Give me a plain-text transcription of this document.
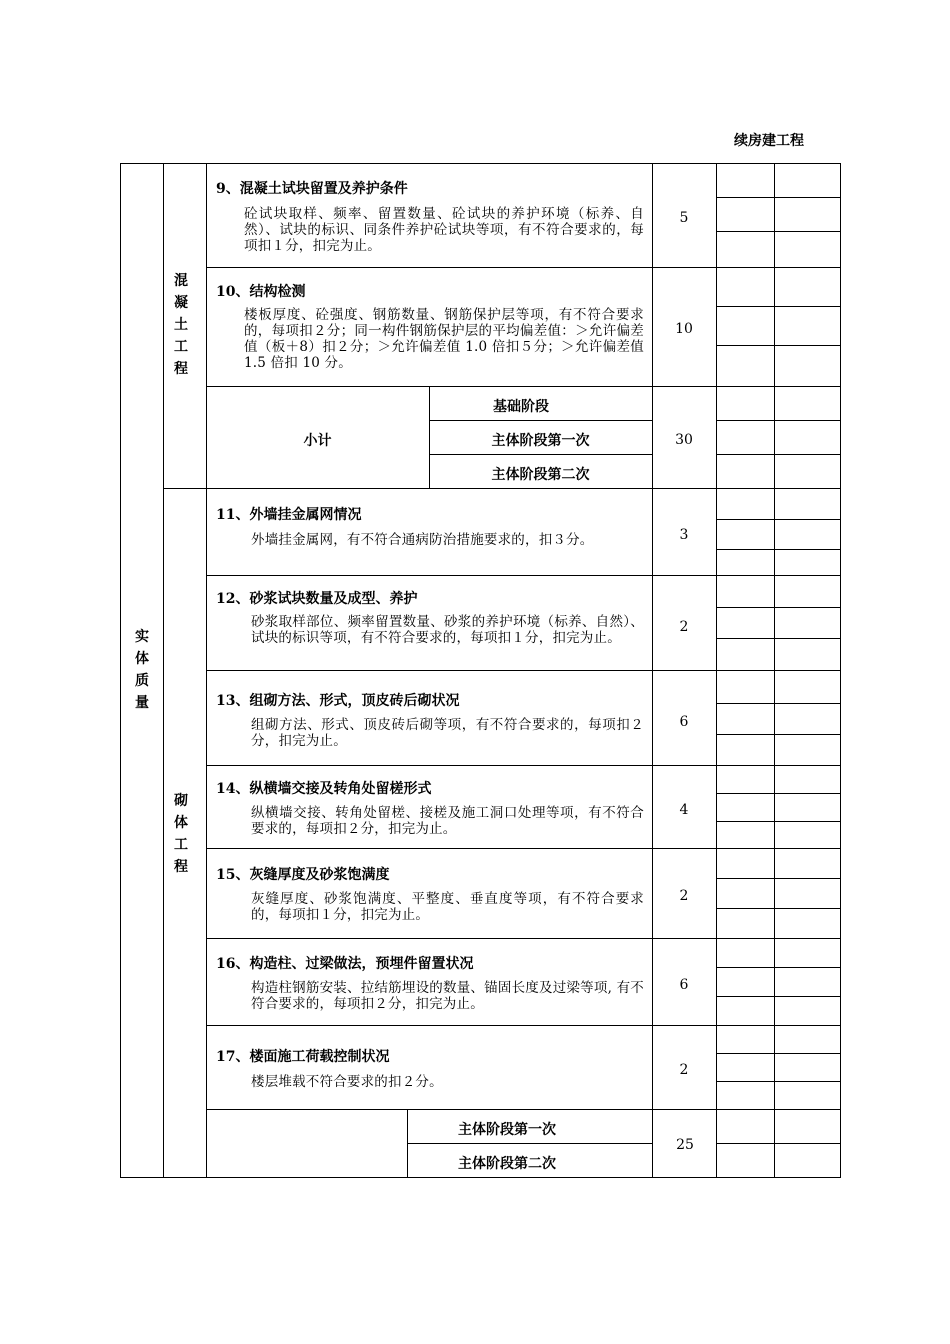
续房建工程
实体质量
混凝土工程
砌体工程
9、混凝土试块留置及养护条件
砼试块取样、频率、留置数量、砼试块的养护环境（标养、自然）、试块的标识、同条件养护砼试块等项，有不符合要求的，每项扣１分，扣完为止。
5
10、结构检测
楼板厚度、砼强度、钢筋数量、钢筋保护层等项，有不符合要求的，每项扣２分；同一构件钢筋保护层的平均偏差值：＞允许偏差值（板＋8）扣２分；＞允许偏差值 1.0 倍扣５分；＞允许偏差值 1.5 倍扣 10 分。
10
小计
基础阶段
主体阶段第一次
主体阶段第二次
30
11、外墙挂金属网情况
外墙挂金属网，有不符合通病防治措施要求的，扣３分。	3
12、砂浆试块数量及成型、养护
砂浆取样部位、频率留置数量、砂浆的养护环境（标养、自然）、试块的标识等项，有不符合要求的，每项扣１分，扣完为止。
2
13、组砌方法、形式，顶皮砖后砌状况
组砌方法、形式、顶皮砖后砌等项，有不符合要求的，每项扣２分，扣完为止。
6
14、纵横墙交接及转角处留槎形式
纵横墙交接、转角处留槎、接槎及施工洞口处理等项，有不符合要求的，每项扣２分，扣完为止。
4
15、灰缝厚度及砂浆饱满度
灰缝厚度、砂浆饱满度、平整度、垂直度等项，有不符合要求的，每项扣１分，扣完为止。
2
16、构造柱、过梁做法，预埋件留置状况
构造柱钢筋安装、拉结筋埋设的数量、锚固长度及过梁等项, 有不符合要求的，每项扣２分，扣完为止。
6
17、楼面施工荷载控制状况
楼层堆载不符合要求的扣２分。
2
主体阶段第一次
主体阶段第二次
25
